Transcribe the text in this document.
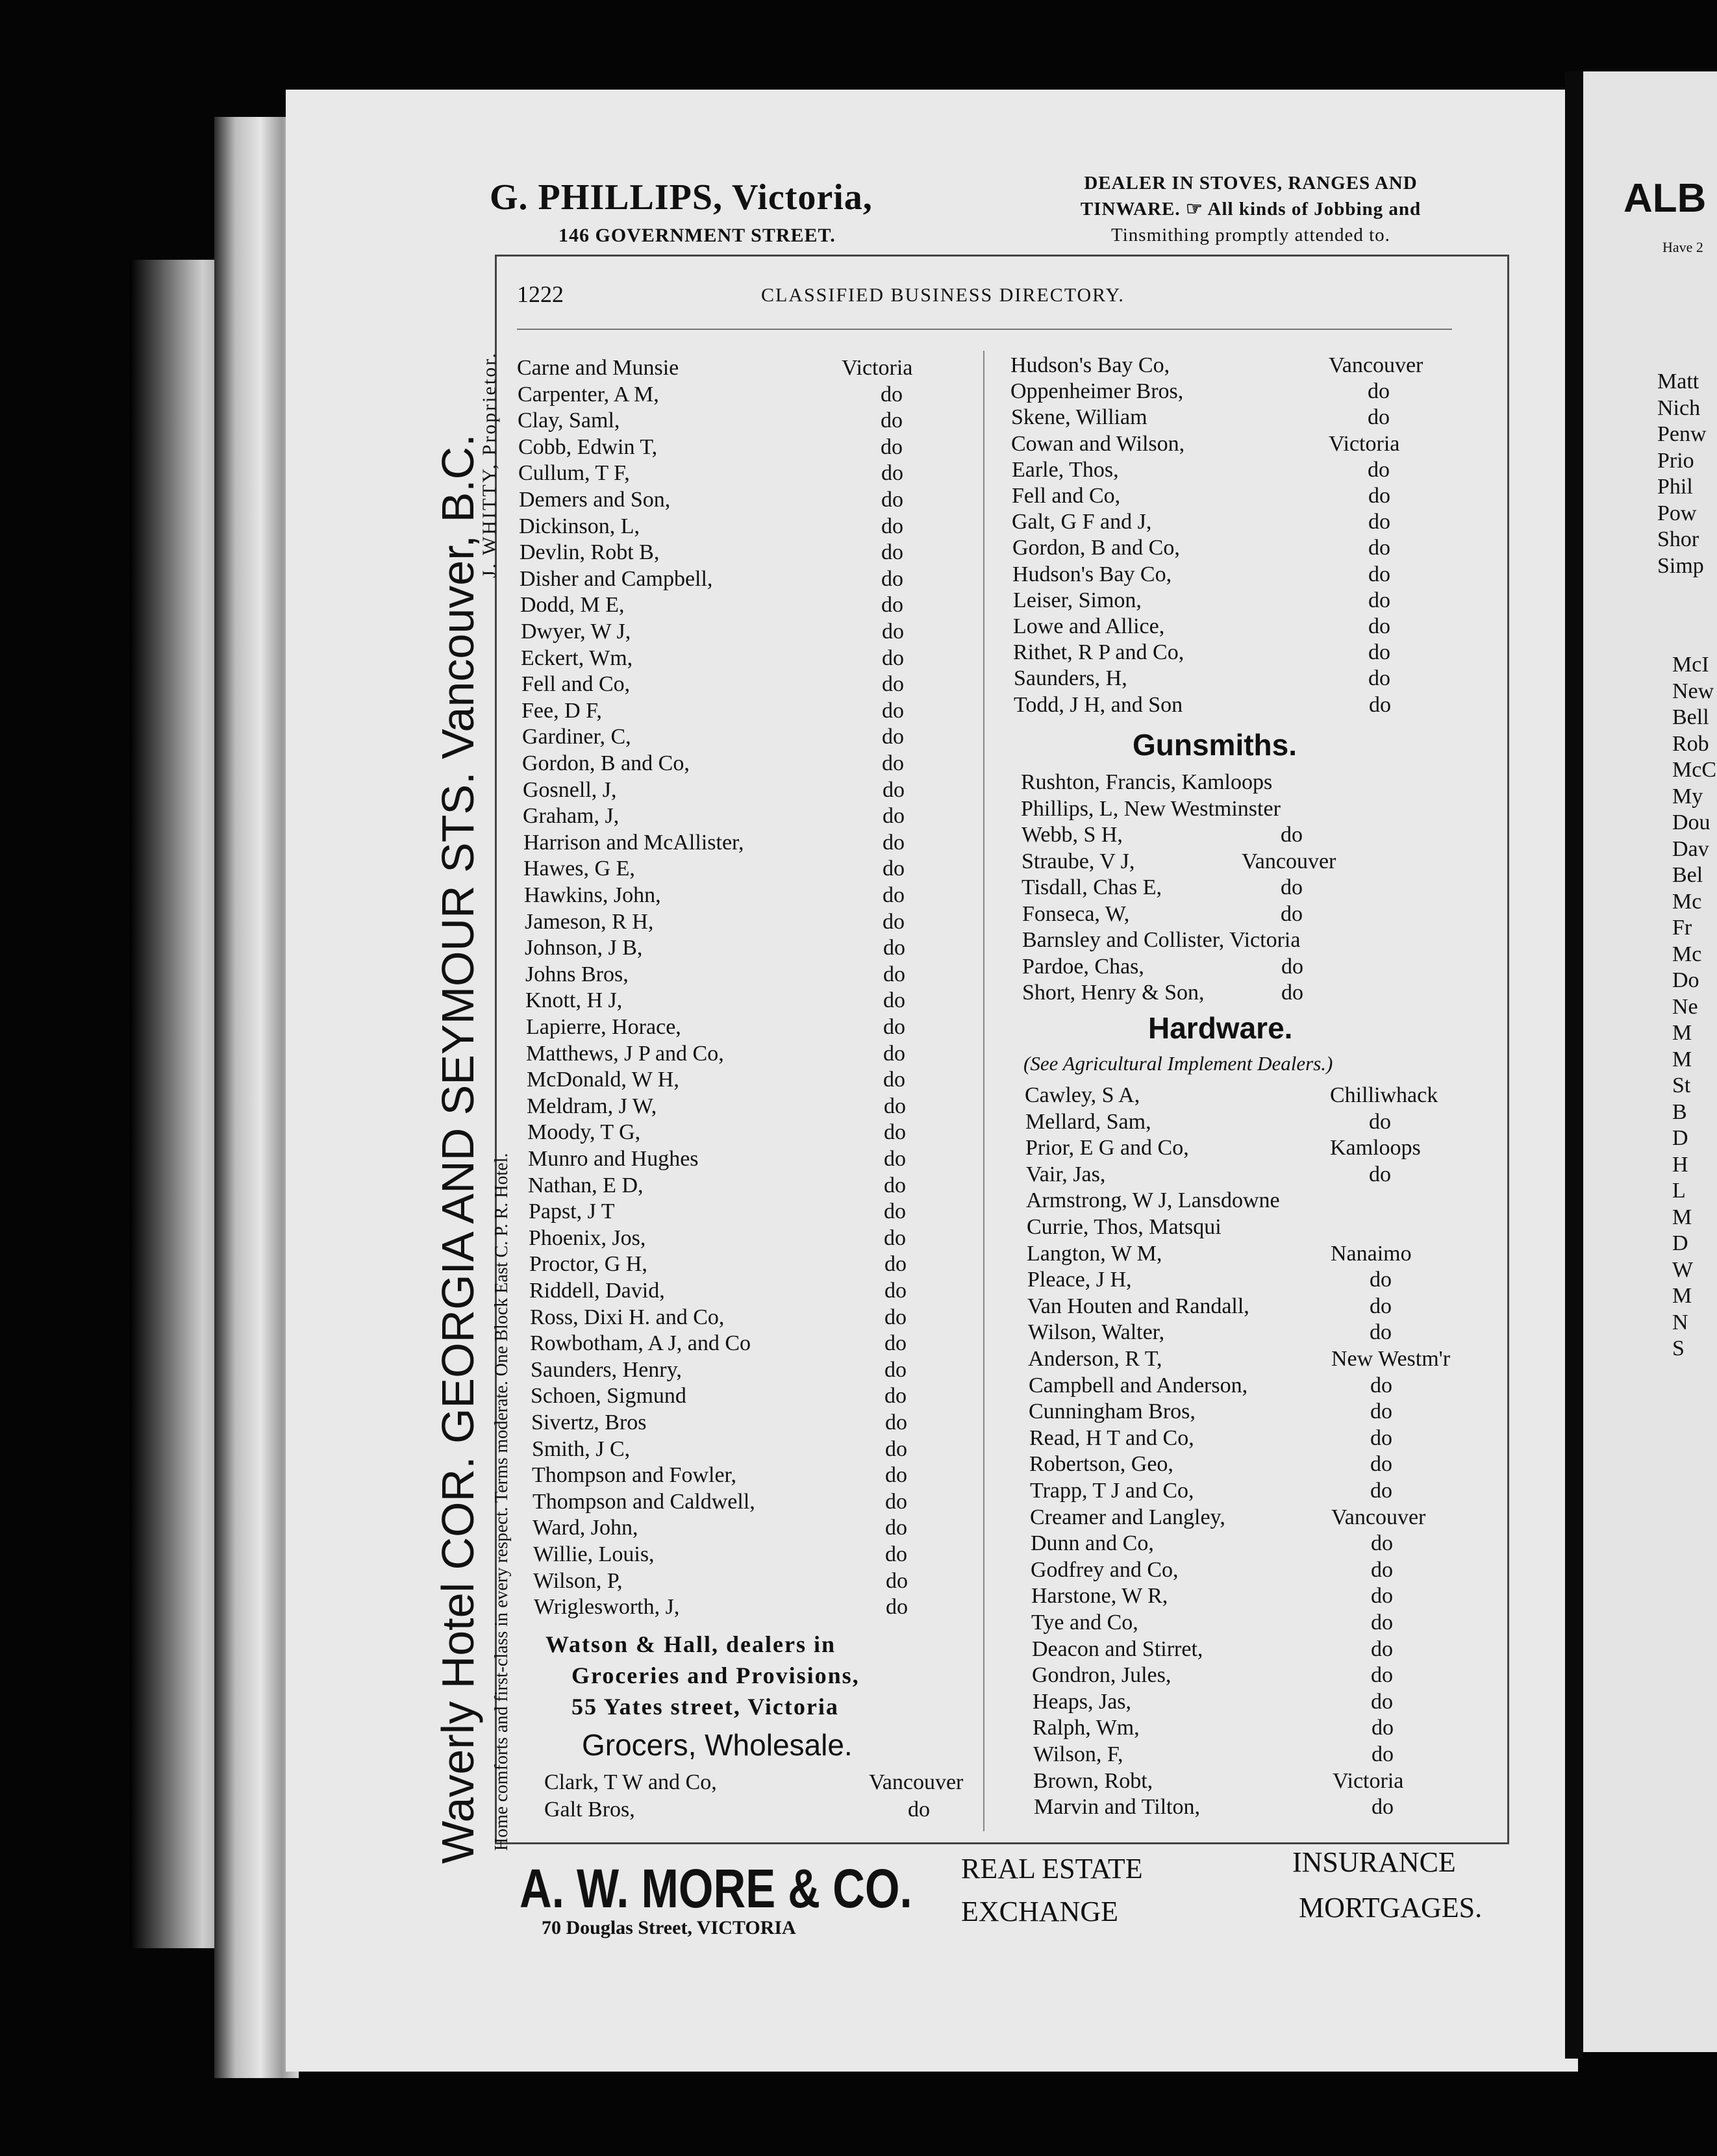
ALB
Have 2
Matt
Nich
Penw
Prio
Phil
Pow
Shor
Simp
McI
New
Bell
Rob
McC
My
Dou
Dav
Bel
Mc
Fr
Mc
Do
Ne
M
M
St
B
D
H
L
M
D
W
M
N
S
G. PHILLIPS, Victoria,
146 GOVERNMENT STREET.
DEALER IN STOVES, RANGES AND
TINWARE. ☞ All kinds of Jobbing and
Tinsmithing promptly attended to.
1222	CLASSIFIED BUSINESS DIRECTORY.
Waverly Hotel COR. GEORGIA AND SEYMOUR STS. Vancouver, B.C. Home comforts and first-class in every respect. Terms moderate. One Block East C. P. R. Hotel.
J. WHITTY, Proprietor. Carne and Munsie	Victoria
Carpenter, A M,	do
Clay, Saml,	do
Cobb, Edwin T,	do
Cullum, T F,	do
Demers and Son,	do
Dickinson, L,	do
Devlin, Robt B,	do
Disher and Campbell,	do
Dodd, M E,	do
Dwyer, W J,	do
Eckert, Wm,	do
Fell and Co,	do
Fee, D F,	do
Gardiner, C,	do
Gordon, B and Co,	do
Gosnell, J,	do
Graham, J,	do
Harrison and McAllister,	do
Hawes, G E,	do
Hawkins, John,	do
Jameson, R H,	do
Johnson, J B,	do
Johns Bros,	do
Knott, H J,	do
Lapierre, Horace,	do
Matthews, J P and Co,	do
McDonald, W H,	do
Meldram, J W,	do
Moody, T G,	do
Munro and Hughes	do
Nathan, E D,	do
Papst, J T	do
Phoenix, Jos,	do
Proctor, G H,	do
Riddell, David,	do
Ross, Dixi H. and Co,	do
Rowbotham, A J, and Co	do
Saunders, Henry,	do
Schoen, Sigmund	do
Sivertz, Bros	do
Smith, J C,	do
Thompson and Fowler,	do
Thompson and Caldwell,	do
Ward, John,	do
Willie, Louis,	do
Wilson, P,	do
Wriglesworth, J,	do
Watson & Hall, dealers in
Groceries and Provisions,
55 Yates street, Victoria
Grocers, Wholesale.
Clark, T W and Co,	Vancouver
Galt Bros,	do
Hudson's Bay Co,	Vancouver
Oppenheimer Bros,	do
Skene, William	do
Cowan and Wilson,	Victoria
Earle, Thos,	do
Fell and Co,	do
Galt, G F and J,	do
Gordon, B and Co,	do
Hudson's Bay Co,	do
Leiser, Simon,	do
Lowe and Allice,	do
Rithet, R P and Co,	do
Saunders, H,	do
Todd, J H, and Son	do
Gunsmiths.
Rushton, Francis, Kamloops
Phillips, L, New Westminster
Webb, S H,	do
Straube, V J,	Vancouver
Tisdall, Chas E,	do
Fonseca, W,	do
Barnsley and Collister, Victoria
Pardoe, Chas,	do
Short, Henry & Son,	do
Hardware.
(See Agricultural Implement Dealers.)
Cawley, S A,	Chilliwhack
Mellard, Sam,	do
Prior, E G and Co,	Kamloops
Vair, Jas,	do
Armstrong, W J, Lansdowne
Currie, Thos, Matsqui
Langton, W M,	Nanaimo
Pleace, J H,	do
Van Houten and Randall,	do
Wilson, Walter,	do
Anderson, R T,	New Westm'r
Campbell and Anderson,	do
Cunningham Bros,	do
Read, H T and Co,	do
Robertson, Geo,	do
Trapp, T J and Co,	do
Creamer and Langley,	Vancouver
Dunn and Co,	do
Godfrey and Co,	do
Harstone, W R,	do
Tye and Co,	do
Deacon and Stirret,	do
Gondron, Jules,	do
Heaps, Jas,	do
Ralph, Wm,	do
Wilson, F,	do
Brown, Robt,	Victoria
Marvin and Tilton,	do
A. W. MORE & CO.
70 Douglas Street, VICTORIA
REAL ESTATE
EXCHANGE
INSURANCE
MORTGAGES.
